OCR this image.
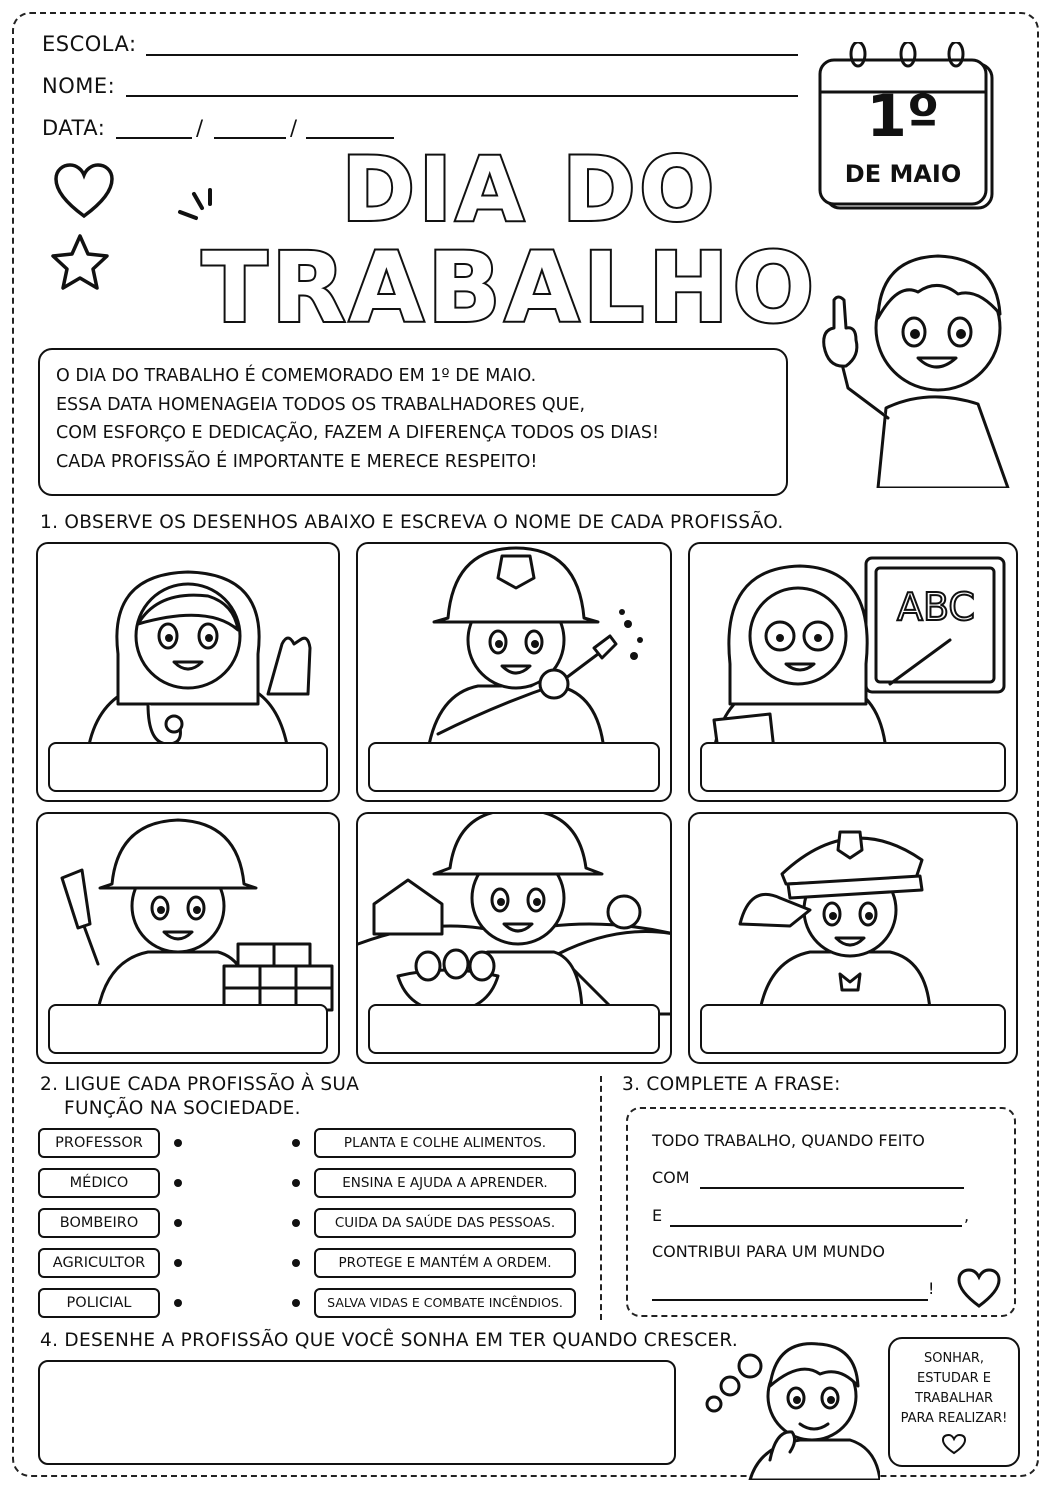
ESCOLA:
NOME:
DATA:	/	/	1º
DE MAIO
DIA DO
TRABALHO
O DIA DO TRABALHO É COMEMORADO EM 1º DE MAIO.
ESSA DATA HOMENAGEIA TODOS OS TRABALHADORES QUE,
COM ESFORÇO E DEDICAÇÃO, FAZEM A DIFERENÇA TODOS OS DIAS!
CADA PROFISSÃO É IMPORTANTE E MERECE RESPEITO!
1. OBSERVE OS DESENHOS ABAIXO E ESCREVA O NOME DE CADA PROFISSÃO.
ABC
2. LIGUE CADA PROFISSÃO À SUA
FUNÇÃO NA SOCIEDADE.
PROFESSOR
MÉDICO
BOMBEIRO
AGRICULTOR
POLICIAL
PLANTA E COLHE ALIMENTOS.
ENSINA E AJUDA A APRENDER.
CUIDA DA SAÚDE DAS PESSOAS.
PROTEGE E MANTÉM A ORDEM.
SALVA VIDAS E COMBATE INCÊNDIOS.
3. COMPLETE A FRASE:
TODO TRABALHO, QUANDO FEITO
COM
E	,
CONTRIBUI PARA UM MUNDO
!
4. DESENHE A PROFISSÃO QUE VOCÊ SONHA EM TER QUANDO CRESCER.
SONHAR,
ESTUDAR E
TRABALHAR
PARA REALIZAR!
